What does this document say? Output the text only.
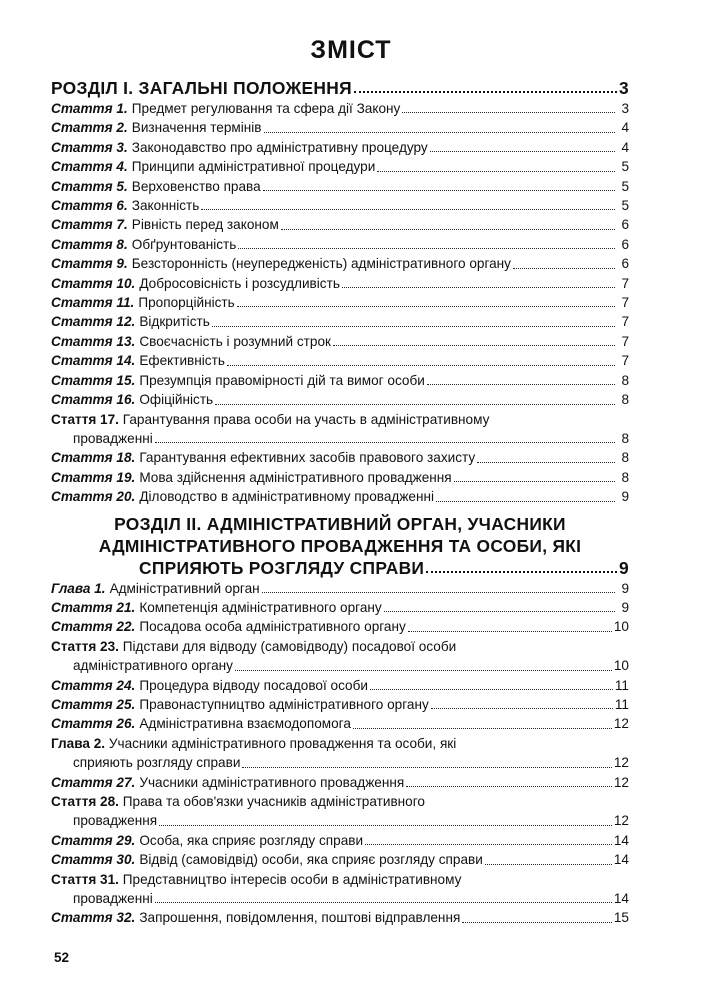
ЗМІСТ
РОЗДІЛ І. ЗАГАЛЬНІ ПОЛОЖЕННЯ	3
Стаття 1. Предмет регулювання та сфера дії Закону	3
Стаття 2. Визначення термінів	4
Стаття 3. Законодавство про адміністративну процедуру	4
Стаття 4. Принципи адміністративної процедури	5
Стаття 5. Верховенство права	5
Стаття 6. Законність	5
Стаття 7. Рівність перед законом	6
Стаття 8. Обґрунтованість	6
Стаття 9. Безсторонність (неупередженість) адміністративного органу	6
Стаття 10. Добросовісність і розсудливість	7
Стаття 11. Пропорційність	7
Стаття 12. Відкритість	7
Стаття 13. Своєчасність і розумний строк	7
Стаття 14. Ефективність	7
Стаття 15. Презумпція правомірності дій та вимог особи	8
Стаття 16. Офіційність	8
Стаття 17. Гарантування права особи на участь в адміністративному
провадженні	8
Стаття 18. Гарантування ефективних засобів правового захисту	8
Стаття 19. Мова здійснення адміністративного провадження	8
Стаття 20. Діловодство в адміністративному провадженні	9
РОЗДІЛ ІІ. АДМІНІСТРАТИВНИЙ ОРГАН, УЧАСНИКИ
АДМІНІСТРАТИВНОГО ПРОВАДЖЕННЯ ТА ОСОБИ, ЯКІ
СПРИЯЮТЬ РОЗГЛЯДУ СПРАВИ	9
Глава 1. Адміністративний орган	9
Стаття 21. Компетенція адміністративного органу	9
Стаття 22. Посадова особа адміністративного органу	10
Стаття 23. Підстави для відводу (самовідводу) посадової особи
адміністративного органу	10
Стаття 24. Процедура відводу посадової особи	11
Стаття 25. Правонаступництво адміністративного органу	11
Стаття 26. Адміністративна взаємодопомога	12
Глава 2. Учасники адміністративного провадження та особи, які
сприяють розгляду справи	12
Стаття 27. Учасники адміністративного провадження	12
Стаття 28. Права та обов'язки учасників адміністративного
провадження	12
Стаття 29. Особа, яка сприяє розгляду справи	14
Стаття 30. Відвід (самовідвід) особи, яка сприяє розгляду справи	14
Стаття 31. Представництво інтересів особи в адміністративному
провадженні	14
Стаття 32. Запрошення, повідомлення, поштові відправлення	15
52
